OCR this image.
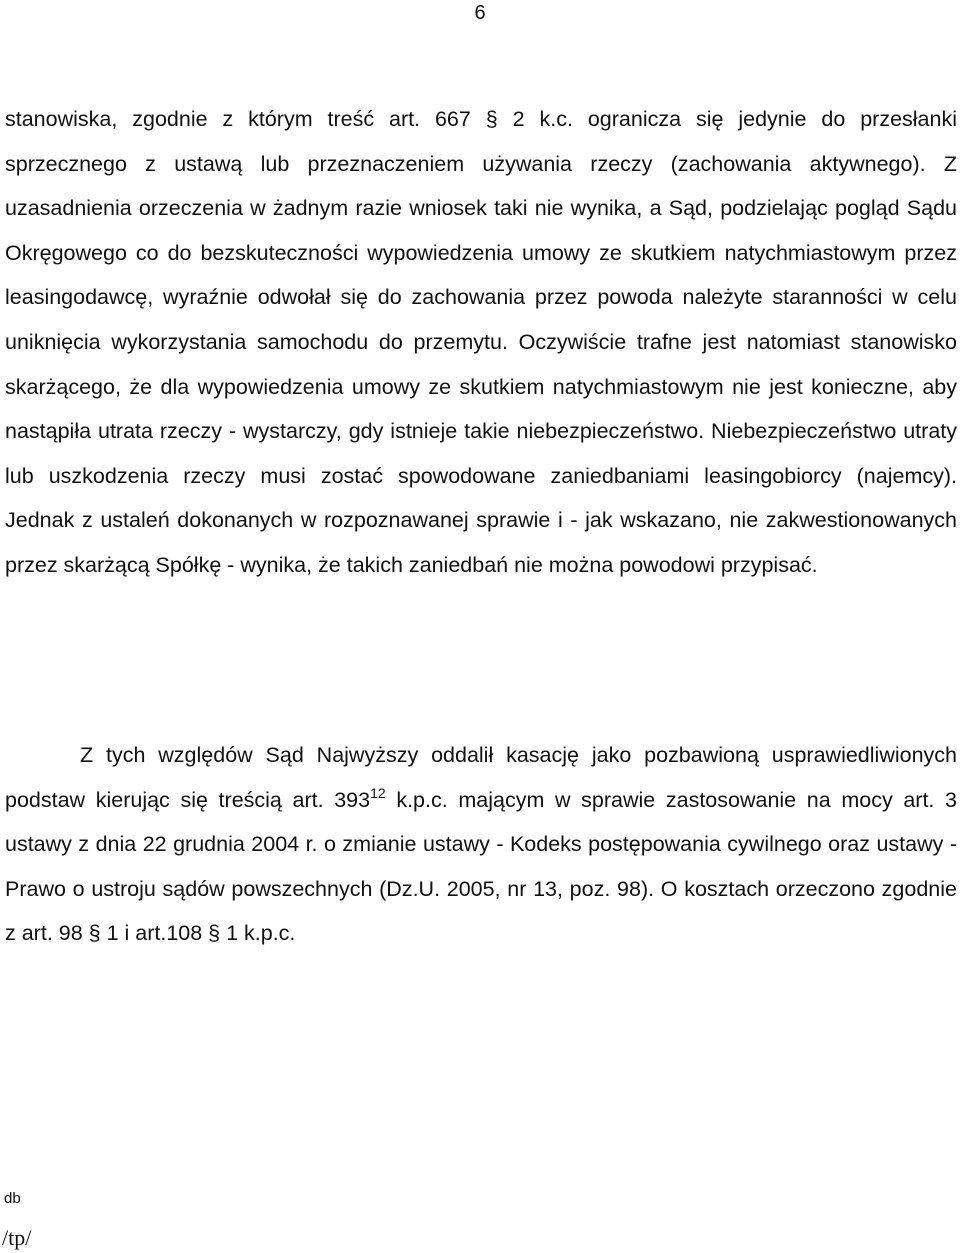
6
stanowiska, zgodnie z którym treść art. 667 § 2 k.c. ogranicza się jedynie do przesłanki sprzecznego z ustawą lub przeznaczeniem używania rzeczy (zachowania aktywnego). Z uzasadnienia orzeczenia w żadnym razie wniosek taki nie wynika, a Sąd, podzielając pogląd Sądu Okręgowego co do bezskuteczności wypowiedzenia umowy ze skutkiem natychmiastowym przez leasingodawcę, wyraźnie odwołał się do zachowania przez powoda należyte staranności w celu uniknięcia wykorzystania samochodu do przemytu. Oczywiście trafne jest natomiast stanowisko skarżącego, że dla wypowiedzenia umowy ze skutkiem natychmiastowym nie jest konieczne, aby nastąpiła utrata rzeczy - wystarczy, gdy istnieje takie niebezpieczeństwo. Niebezpieczeństwo utraty lub uszkodzenia rzeczy musi zostać spowodowane zaniedbaniami leasingobiorcy (najemcy). Jednak z ustaleń dokonanych w rozpoznawanej sprawie i - jak wskazano, nie zakwestionowanych przez skarżącą Spółkę - wynika, że takich zaniedbań nie można powodowi przypisać.
Z tych względów Sąd Najwyższy oddalił kasację jako pozbawioną usprawiedliwionych podstaw kierując się treścią art. $393^{12}$ k.p.c. mającym w sprawie zastosowanie na mocy art. 3 ustawy z dnia 22 grudnia 2004 r. o zmianie ustawy - Kodeks postępowania cywilnego oraz ustawy - Prawo o ustroju sądów powszechnych (Dz.U. 2005, nr 13, poz. 98). O kosztach orzeczono zgodnie z art. 98 § 1 i art.108 § 1 k.p.c.
db
/tp/
